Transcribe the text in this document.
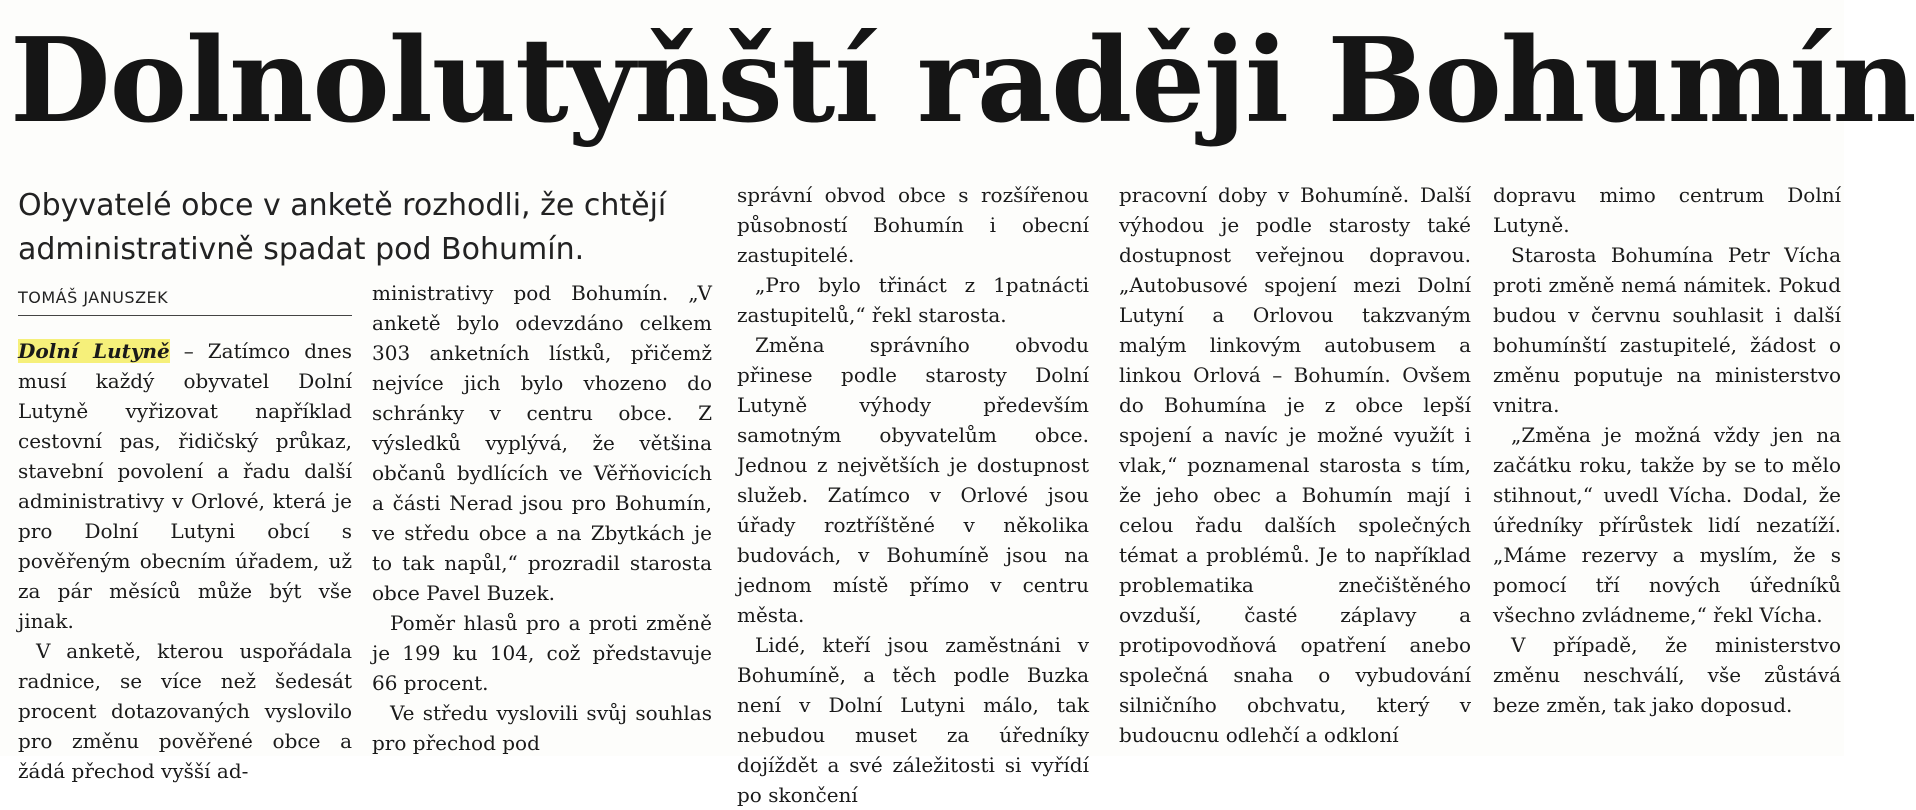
Dolnolutyňští raději Bohumín
Obyvatelé obce v anketě rozhodli, že chtějí administrativně spadat pod Bohumín.
TOMÁŠ JANUSZEK

Dolní Lutyně – Zatímco dnes musí každý obyvatel Dolní Lutyně vyřizovat například cestovní pas, řidičský průkaz, stavební povolení a řadu další administrativy v Orlové, která je pro Dolní Lutyni obcí s pověřeným obecním úřadem, už za pár měsíců může být vše jinak.

V anketě, kterou uspořádala radnice, se více než šedesát procent dotazovaných vyslovilo pro změnu pověřené obce a žádá přechod vyšší ad-

ministrativy pod Bohumín. „V anketě bylo odevzdáno celkem 303 anketních lístků, přičemž nejvíce jich bylo vhozeno do schránky v centru obce. Z výsledků vyplývá, že většina občanů bydlících ve Věřňovicích a části Nerad jsou pro Bohumín, ve středu obce a na Zbytkách je to tak napůl,“ prozradil starosta obce Pavel Buzek.

Poměr hlasů pro a proti změně je 199 ku 104, což představuje 66 procent.

Ve středu vyslovili svůj souhlas pro přechod pod

správní obvod obce s rozšířenou působností Bohumín i obecní zastupitelé.

„Pro bylo třináct z 1patnácti zastupitelů,“ řekl starosta.

Změna správního obvodu přinese podle starosty Dolní Lutyně výhody především samotným obyvatelům obce. Jednou z největších je dostupnost služeb. Zatímco v Orlové jsou úřady roztříštěné v několika budovách, v Bohumíně jsou na jednom místě přímo v centru města.

Lidé, kteří jsou zaměstnáni v Bohumíně, a těch podle Buzka není v Dolní Lutyni málo, tak nebudou muset za úředníky dojíždět a své záležitosti si vyřídí po skončení

pracovní doby v Bohumíně. Další výhodou je podle starosty také dostupnost veřejnou dopravou. „Autobusové spojení mezi Dolní Lutyní a Orlovou takzvaným malým linkovým autobusem a linkou Orlová – Bohumín. Ovšem do Bohumína je z obce lepší spojení a navíc je možné využít i vlak,“ poznamenal starosta s tím, že jeho obec a Bohumín mají i celou řadu dalších společných témat a problémů. Je to například problematika znečištěného ovzduší, časté záplavy a protipovodňová opatření anebo společná snaha o vybudování silničního obchvatu, který v budoucnu odlehčí a odkloní

dopravu mimo centrum Dolní Lutyně.

Starosta Bohumína Petr Vícha proti změně nemá námitek. Pokud budou v červnu souhlasit i další bohumínští zastupitelé, žádost o změnu poputuje na ministerstvo vnitra.

„Změna je možná vždy jen na začátku roku, takže by se to mělo stihnout,“ uvedl Vícha. Dodal, že úředníky přírůstek lidí nezatíží. „Máme rezervy a myslím, že s pomocí tří nových úředníků všechno zvládneme,“ řekl Vícha.

V případě, že ministerstvo změnu neschválí, vše zůstává beze změn, tak jako doposud.
